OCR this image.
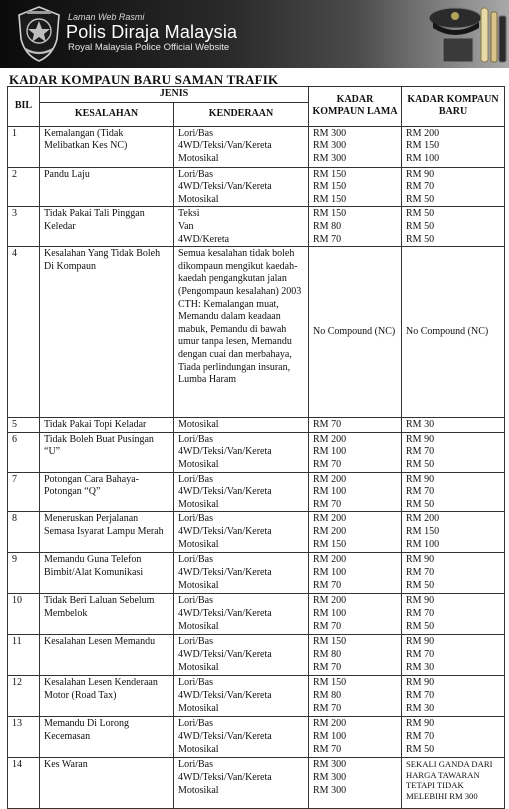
Laman Web Rasmi
Polis Diraja Malaysia
Royal Malaysia Police Official Website
KADAR KOMPAUN BARU SAMAN TRAFIK
BIL	JENIS		KADAR KOMPAUN LAMA	KADAR KOMPAUN BARU
	KESALAHAN	KENDERAAN		
1	Kemalangan (Tidak Melibatkan Kes NC)	Lori/Bas
4WD/Teksi/Van/Kereta
Motosikal	RM 300
RM 300
RM 300	RM 200
RM 150
RM 100

2	Pandu Laju	Lori/Bas
4WD/Teksi/Van/Kereta
Motosikal	RM 150
RM 150
RM 150	RM 90
RM 70
RM 50

3	Tidak Pakai Tali Pinggan Keledar	Teksi
Van
4WD/Kereta	RM 150
RM 80
RM 70	RM 50
RM 50
RM 50

4	Kesalahan Yang Tidak Boleh Di Kompaun	Semua kesalahan tidak boleh dikompaun mengikut kaedah-kaedah pengangkutan jalan (Pengompaun kesalahan) 2003 CTH: Kemalangan muat, Memandu dalam keadaan mabuk, Pemandu di bawah umur tanpa lesen, Memandu dengan cuai dan merbahaya, Tiada perlindungan insuran, Lumba Haram	No Compound (NC)	No Compound (NC)

5	Tidak Pakai Topi Keladar	Motosikal	RM 70	RM 30

6	Tidak Boleh Buat Pusingan “U”	Lori/Bas
4WD/Teksi/Van/Kereta
Motosikal	RM 200
RM 100
RM 70	RM 90
RM 70
RM 50

7	Potongan Cara Bahaya-Potongan “Q”	Lori/Bas
4WD/Teksi/Van/Kereta
Motosikal	RM 200
RM 100
RM 70	RM 90
RM 70
RM 50

8	Meneruskan Perjalanan Semasa Isyarat Lampu Merah	Lori/Bas
4WD/Teksi/Van/Kereta
Motosikal	RM 200
RM 200
RM 150	RM 200
RM 150
RM 100

9	Memandu Guna Telefon Bimbit/Alat Komunikasi	Lori/Bas
4WD/Teksi/Van/Kereta
Motosikal	RM 200
RM 100
RM 70	RM 90
RM 70
RM 50

10	Tidak Beri Laluan Sebelum Membelok	Lori/Bas
4WD/Teksi/Van/Kereta
Motosikal	RM 200
RM 100
RM 70	RM 90
RM 70
RM 50

11	Kesalahan Lesen Memandu	Lori/Bas
4WD/Teksi/Van/Kereta
Motosikal	RM 150
RM 80
RM 70	RM 90
RM 70
RM 30

12	Kesalahan Lesen Kenderaan Motor (Road Tax)	Lori/Bas
4WD/Teksi/Van/Kereta
Motosikal	RM 150
RM 80
RM 70	RM 90
RM 70
RM 30

13	Memandu Di Lorong Kecemasan	Lori/Bas
4WD/Teksi/Van/Kereta
Motosikal	RM 200
RM 100
RM 70	RM 90
RM 70
RM 50

14	Kes Waran	Lori/Bas
4WD/Teksi/Van/Kereta
Motosikal	RM 300
RM 300
RM 300	SEKALI GANDA DARI HARGA TAWARAN TETAPI TIDAK MELEBIHI RM 300
